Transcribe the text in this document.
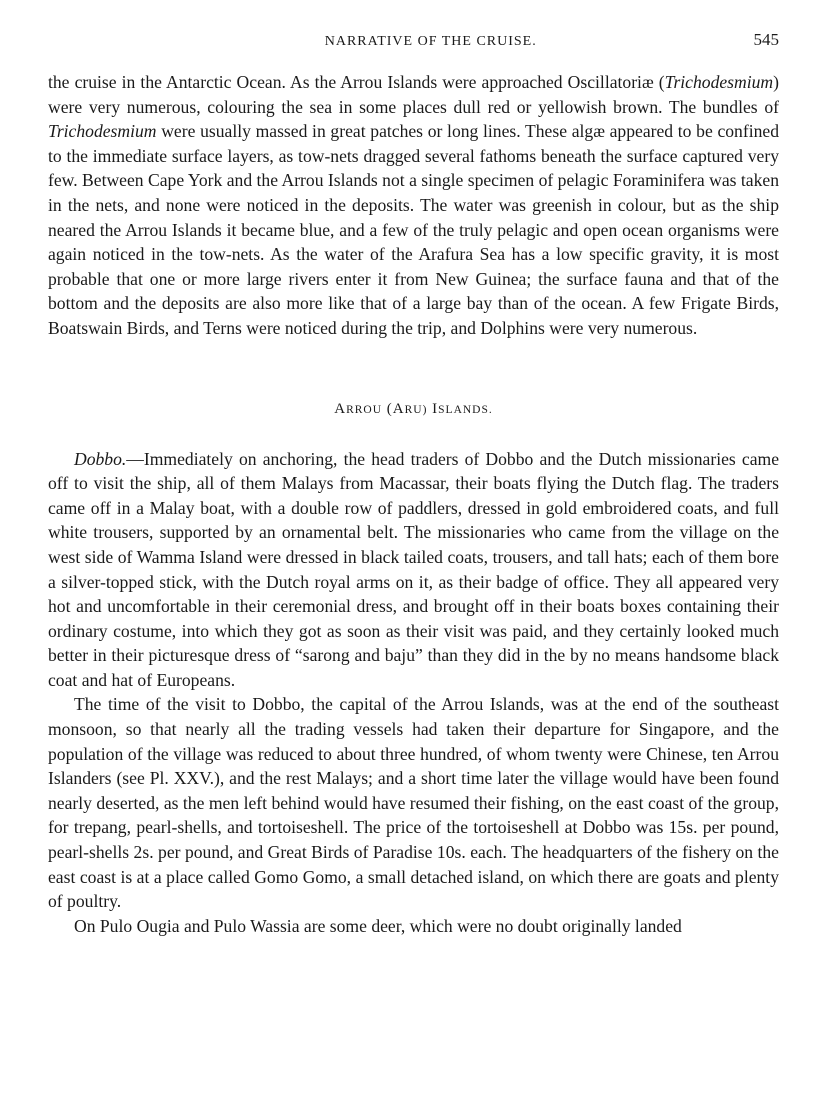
NARRATIVE OF THE CRUISE.	545

the cruise in the Antarctic Ocean. As the Arrou Islands were approached Oscillatoriæ (Trichodesmium) were very numerous, colouring the sea in some places dull red or yellowish brown. The bundles of Trichodesmium were usually massed in great patches or long lines. These algæ appeared to be confined to the immediate surface layers, as tow-nets dragged several fathoms beneath the surface captured very few. Between Cape York and the Arrou Islands not a single specimen of pelagic Foraminifera was taken in the nets, and none were noticed in the deposits. The water was greenish in colour, but as the ship neared the Arrou Islands it became blue, and a few of the truly pelagic and open ocean organisms were again noticed in the tow-nets. As the water of the Arafura Sea has a low specific gravity, it is most probable that one or more large rivers enter it from New Guinea; the surface fauna and that of the bottom and the deposits are also more like that of a large bay than of the ocean. A few Frigate Birds, Boatswain Birds, and Terns were noticed during the trip, and Dolphins were very numerous.

ARROU (ARU) ISLANDS.

Dobbo.—Immediately on anchoring, the head traders of Dobbo and the Dutch missionaries came off to visit the ship, all of them Malays from Macassar, their boats flying the Dutch flag. The traders came off in a Malay boat, with a double row of paddlers, dressed in gold embroidered coats, and full white trousers, supported by an ornamental belt. The missionaries who came from the village on the west side of Wamma Island were dressed in black tailed coats, trousers, and tall hats; each of them bore a silver-topped stick, with the Dutch royal arms on it, as their badge of office. They all appeared very hot and uncomfortable in their ceremonial dress, and brought off in their boats boxes containing their ordinary costume, into which they got as soon as their visit was paid, and they certainly looked much better in their picturesque dress of “sarong and baju” than they did in the by no means handsome black coat and hat of Europeans.

The time of the visit to Dobbo, the capital of the Arrou Islands, was at the end of the southeast monsoon, so that nearly all the trading vessels had taken their departure for Singapore, and the population of the village was reduced to about three hundred, of whom twenty were Chinese, ten Arrou Islanders (see Pl. XXV.), and the rest Malays; and a short time later the village would have been found nearly deserted, as the men left behind would have resumed their fishing, on the east coast of the group, for trepang, pearl-shells, and tortoiseshell. The price of the tortoiseshell at Dobbo was 15s. per pound, pearl-shells 2s. per pound, and Great Birds of Paradise 10s. each. The headquarters of the fishery on the east coast is at a place called Gomo Gomo, a small detached island, on which there are goats and plenty of poultry.

On Pulo Ougia and Pulo Wassia are some deer, which were no doubt originally landed
